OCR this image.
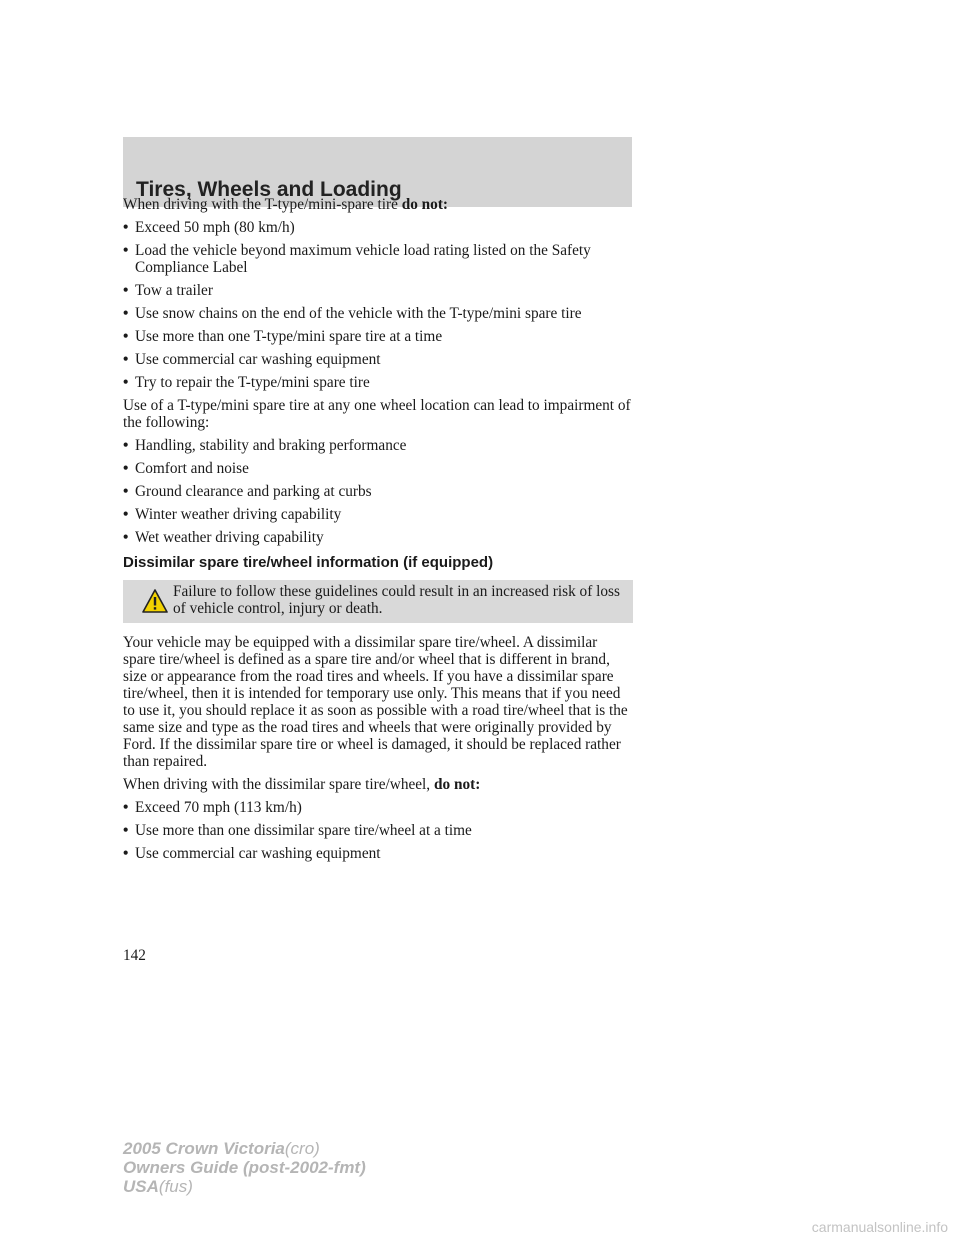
Tires, Wheels and Loading

When driving with the T-type/mini-spare tire do not:

• Exceed 50 mph (80 km/h)
• Load the vehicle beyond maximum vehicle load rating listed on the Safety Compliance Label
• Tow a trailer
• Use snow chains on the end of the vehicle with the T-type/mini spare tire
• Use more than one T-type/mini spare tire at a time
• Use commercial car washing equipment
• Try to repair the T-type/mini spare tire

Use of a T-type/mini spare tire at any one wheel location can lead to impairment of the following:

• Handling, stability and braking performance
• Comfort and noise
• Ground clearance and parking at curbs
• Winter weather driving capability
• Wet weather driving capability
Dissimilar spare tire/wheel information (if equipped)
Failure to follow these guidelines could result in an increased risk of loss of vehicle control, injury or death.

Your vehicle may be equipped with a dissimilar spare tire/wheel. A dissimilar spare tire/wheel is defined as a spare tire and/or wheel that is different in brand, size or appearance from the road tires and wheels. If you have a dissimilar spare tire/wheel, then it is intended for temporary use only. This means that if you need to use it, you should replace it as soon as possible with a road tire/wheel that is the same size and type as the road tires and wheels that were originally provided by Ford. If the dissimilar spare tire or wheel is damaged, it should be replaced rather than repaired.

When driving with the dissimilar spare tire/wheel, do not:

• Exceed 70 mph (113 km/h)
• Use more than one dissimilar spare tire/wheel at a time
• Use commercial car washing equipment
142
2005 Crown Victoria(cro)
Owners Guide (post-2002-fmt)
USA(fus)
carmanualsonline.info
